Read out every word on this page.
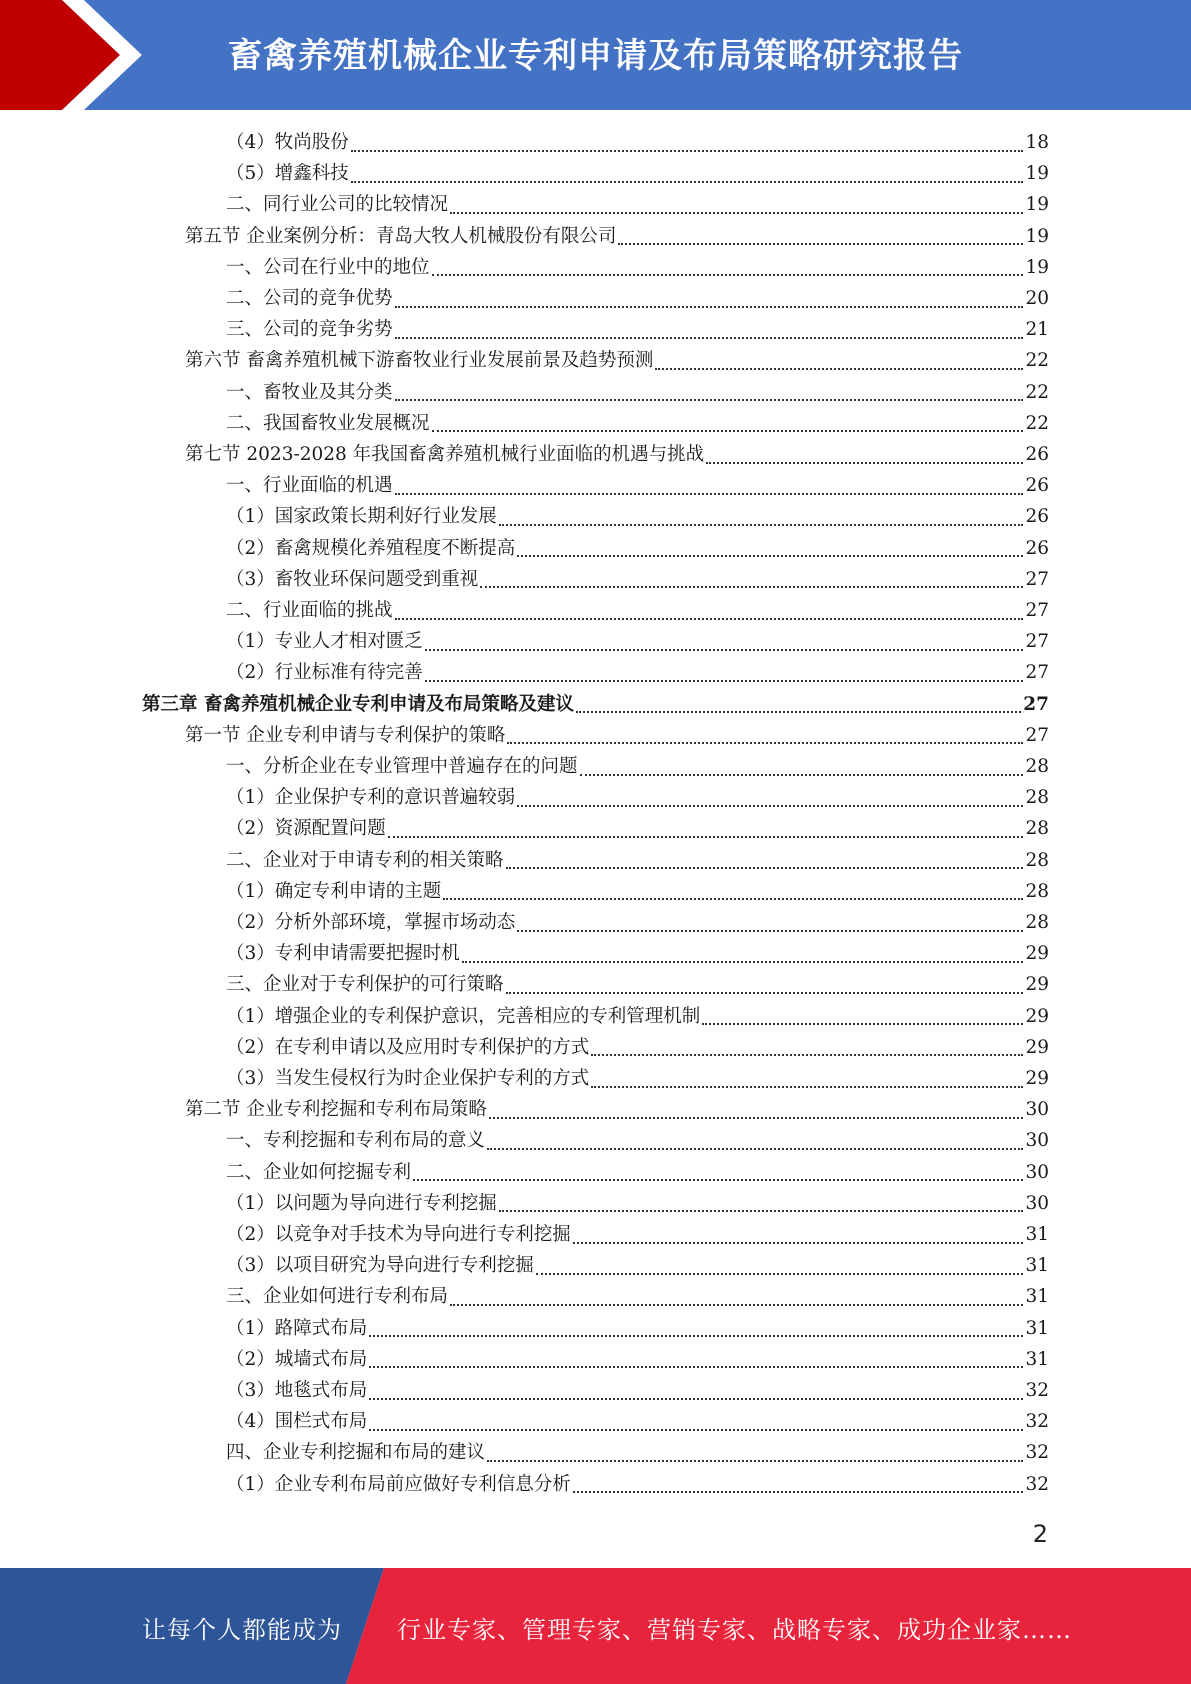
畜禽养殖机械企业专利申请及布局策略研究报告
（4）牧尚股份	18
（5）增鑫科技	19
二、同行业公司的比较情况	19
第五节 企业案例分析：青岛大牧人机械股份有限公司	19
一、公司在行业中的地位	19
二、公司的竞争优势	20
三、公司的竞争劣势	21
第六节 畜禽养殖机械下游畜牧业行业发展前景及趋势预测	22
一、畜牧业及其分类	22
二、我国畜牧业发展概况	22
第七节 2023-2028 年我国畜禽养殖机械行业面临的机遇与挑战	26
一、行业面临的机遇	26
（1）国家政策长期利好行业发展	26
（2）畜禽规模化养殖程度不断提高	26
（3）畜牧业环保问题受到重视	27
二、行业面临的挑战	27
（1）专业人才相对匮乏	27
（2）行业标准有待完善	27
第三章 畜禽养殖机械企业专利申请及布局策略及建议	27
第一节 企业专利申请与专利保护的策略	27
一、分析企业在专业管理中普遍存在的问题	28
（1）企业保护专利的意识普遍较弱	28
（2）资源配置问题	28
二、企业对于申请专利的相关策略	28
（1）确定专利申请的主题	28
（2）分析外部环境，掌握市场动态	28
（3）专利申请需要把握时机	29
三、企业对于专利保护的可行策略	29
（1）增强企业的专利保护意识，完善相应的专利管理机制	29
（2）在专利申请以及应用时专利保护的方式	29
（3）当发生侵权行为时企业保护专利的方式	29
第二节 企业专利挖掘和专利布局策略	30
一、专利挖掘和专利布局的意义	30
二、企业如何挖掘专利	30
（1）以问题为导向进行专利挖掘	30
（2）以竞争对手技术为导向进行专利挖掘	31
（3）以项目研究为导向进行专利挖掘	31
三、企业如何进行专利布局	31
（1）路障式布局	31
（2）城墙式布局	31
（3）地毯式布局	32
（4）围栏式布局	32
四、企业专利挖掘和布局的建议	32
（1）企业专利布局前应做好专利信息分析	32
2
让每个人都能成为 行业专家、管理专家、营销专家、战略专家、成功企业家……
